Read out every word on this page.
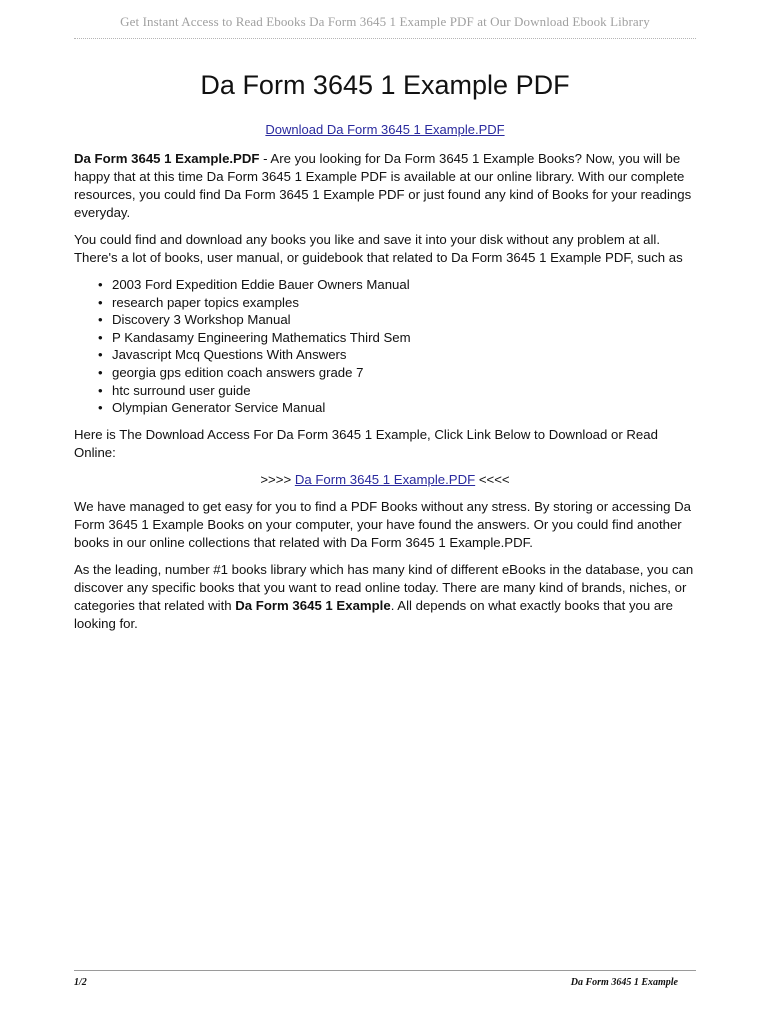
Get Instant Access to Read Ebooks Da Form 3645 1 Example PDF at Our Download Ebook Library
Da Form 3645 1 Example PDF
Download Da Form 3645 1 Example.PDF

Da Form 3645 1 Example.PDF - Are you looking for Da Form 3645 1 Example Books? Now, you will be happy that at this time Da Form 3645 1 Example PDF is available at our online library. With our complete resources, you could find Da Form 3645 1 Example PDF or just found any kind of Books for your readings everyday.

You could find and download any books you like and save it into your disk without any problem at all. There's a lot of books, user manual, or guidebook that related to Da Form 3645 1 Example PDF, such as

• 2003 Ford Expedition Eddie Bauer Owners Manual
• research paper topics examples
• Discovery 3 Workshop Manual
• P Kandasamy Engineering Mathematics Third Sem
• Javascript Mcq Questions With Answers
• georgia gps edition coach answers grade 7
• htc surround user guide
• Olympian Generator Service Manual

Here is The Download Access For Da Form 3645 1 Example, Click Link Below to Download or Read Online:

>>>> Da Form 3645 1 Example.PDF <<<<

We have managed to get easy for you to find a PDF Books without any stress. By storing or accessing Da Form 3645 1 Example Books on your computer, your have found the answers. Or you could find another books in our online collections that related with Da Form 3645 1 Example.PDF.

As the leading, number #1 books library which has many kind of different eBooks in the database, you can discover any specific books that you want to read online today. There are many kind of brands, niches, or categories that related with Da Form 3645 1 Example. All depends on what exactly books that you are looking for.

1/2	Da Form 3645 1 Example
